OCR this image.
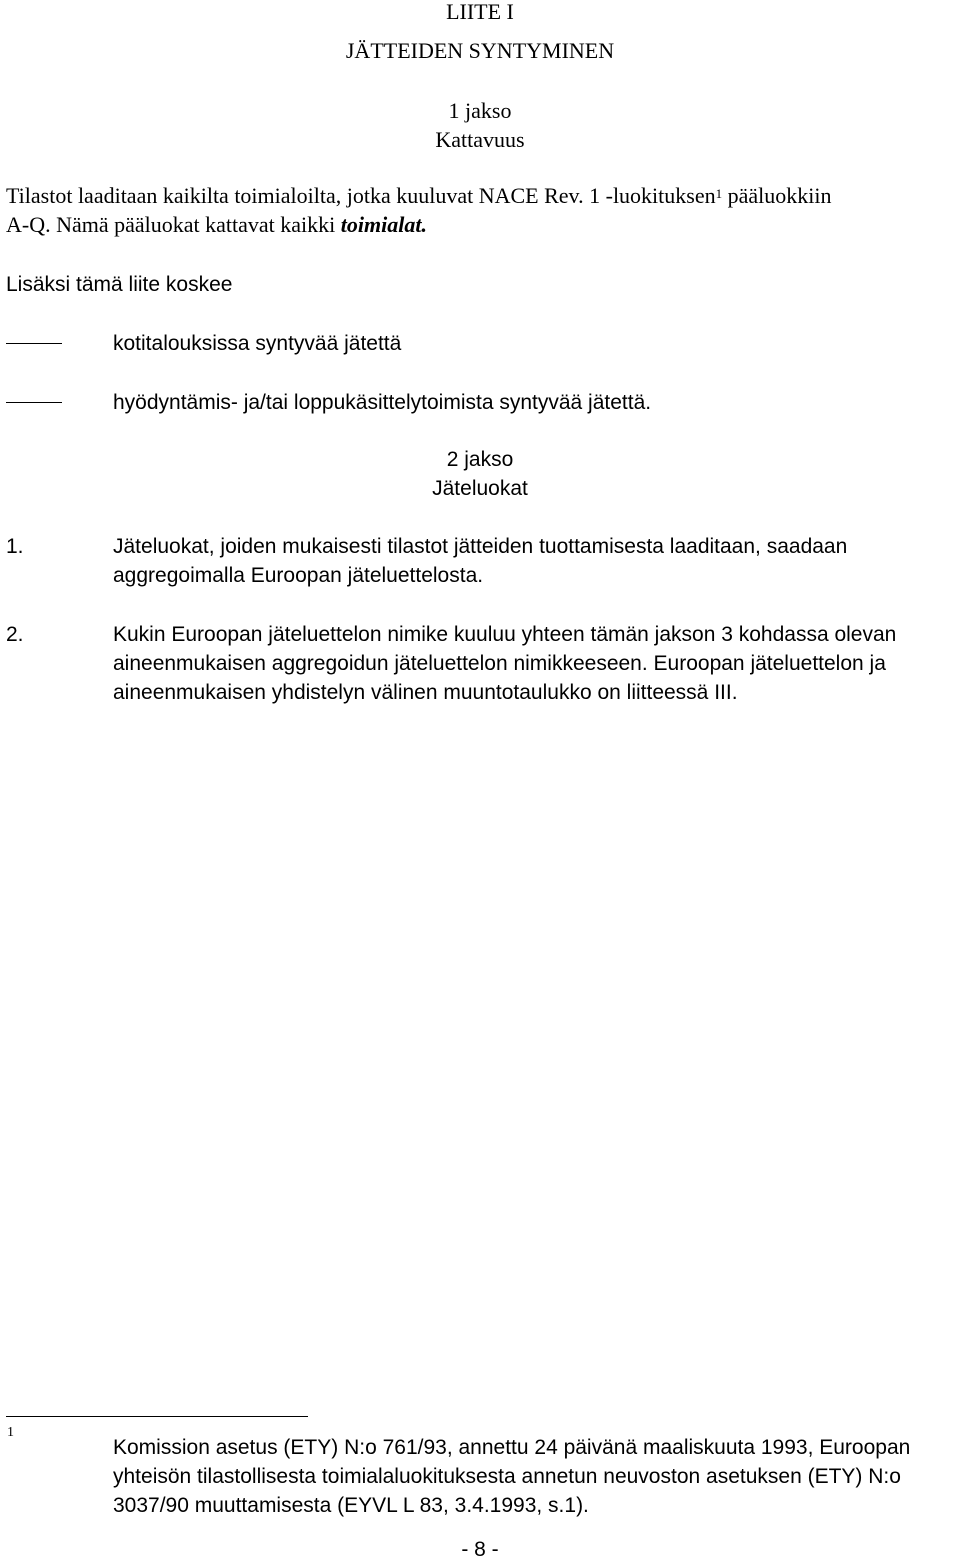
LIITE I
JÄTTEIDEN SYNTYMINEN
1 jakso
Kattavuus
Tilastot laaditaan kaikilta toimialoilta, jotka kuuluvat NACE Rev. 1 -luokituksen$^1$ pääluokkiin
A-Q. Nämä pääluokat kattavat kaikki toimialat.
Lisäksi tämä liite koskee
kotitalouksissa syntyvää jätettä
hyödyntämis- ja/tai loppukäsittelytoimista syntyvää jätettä.
2 jakso
Jäteluokat
1.	Jäteluokat, joiden mukaisesti tilastot jätteiden tuottamisesta laaditaan, saadaan aggregoimalla Euroopan jäteluettelosta.
2.	Kukin Euroopan jäteluettelon nimike kuuluu yhteen tämän jakson 3 kohdassa olevan aineenmukaisen aggregoidun jäteluettelon nimikkeeseen. Euroopan jäteluettelon ja aineenmukaisen yhdistelyn välinen muuntotaulukko on liitteessä III.
1
Komission asetus (ETY) N:o 761/93, annettu 24 päivänä maaliskuuta 1993, Euroopan yhteisön tilastollisesta toimialaluokituksesta annetun neuvoston asetuksen (ETY) N:o 3037/90 muuttamisesta (EYVL L 83, 3.4.1993, s.1).
- 8 -
